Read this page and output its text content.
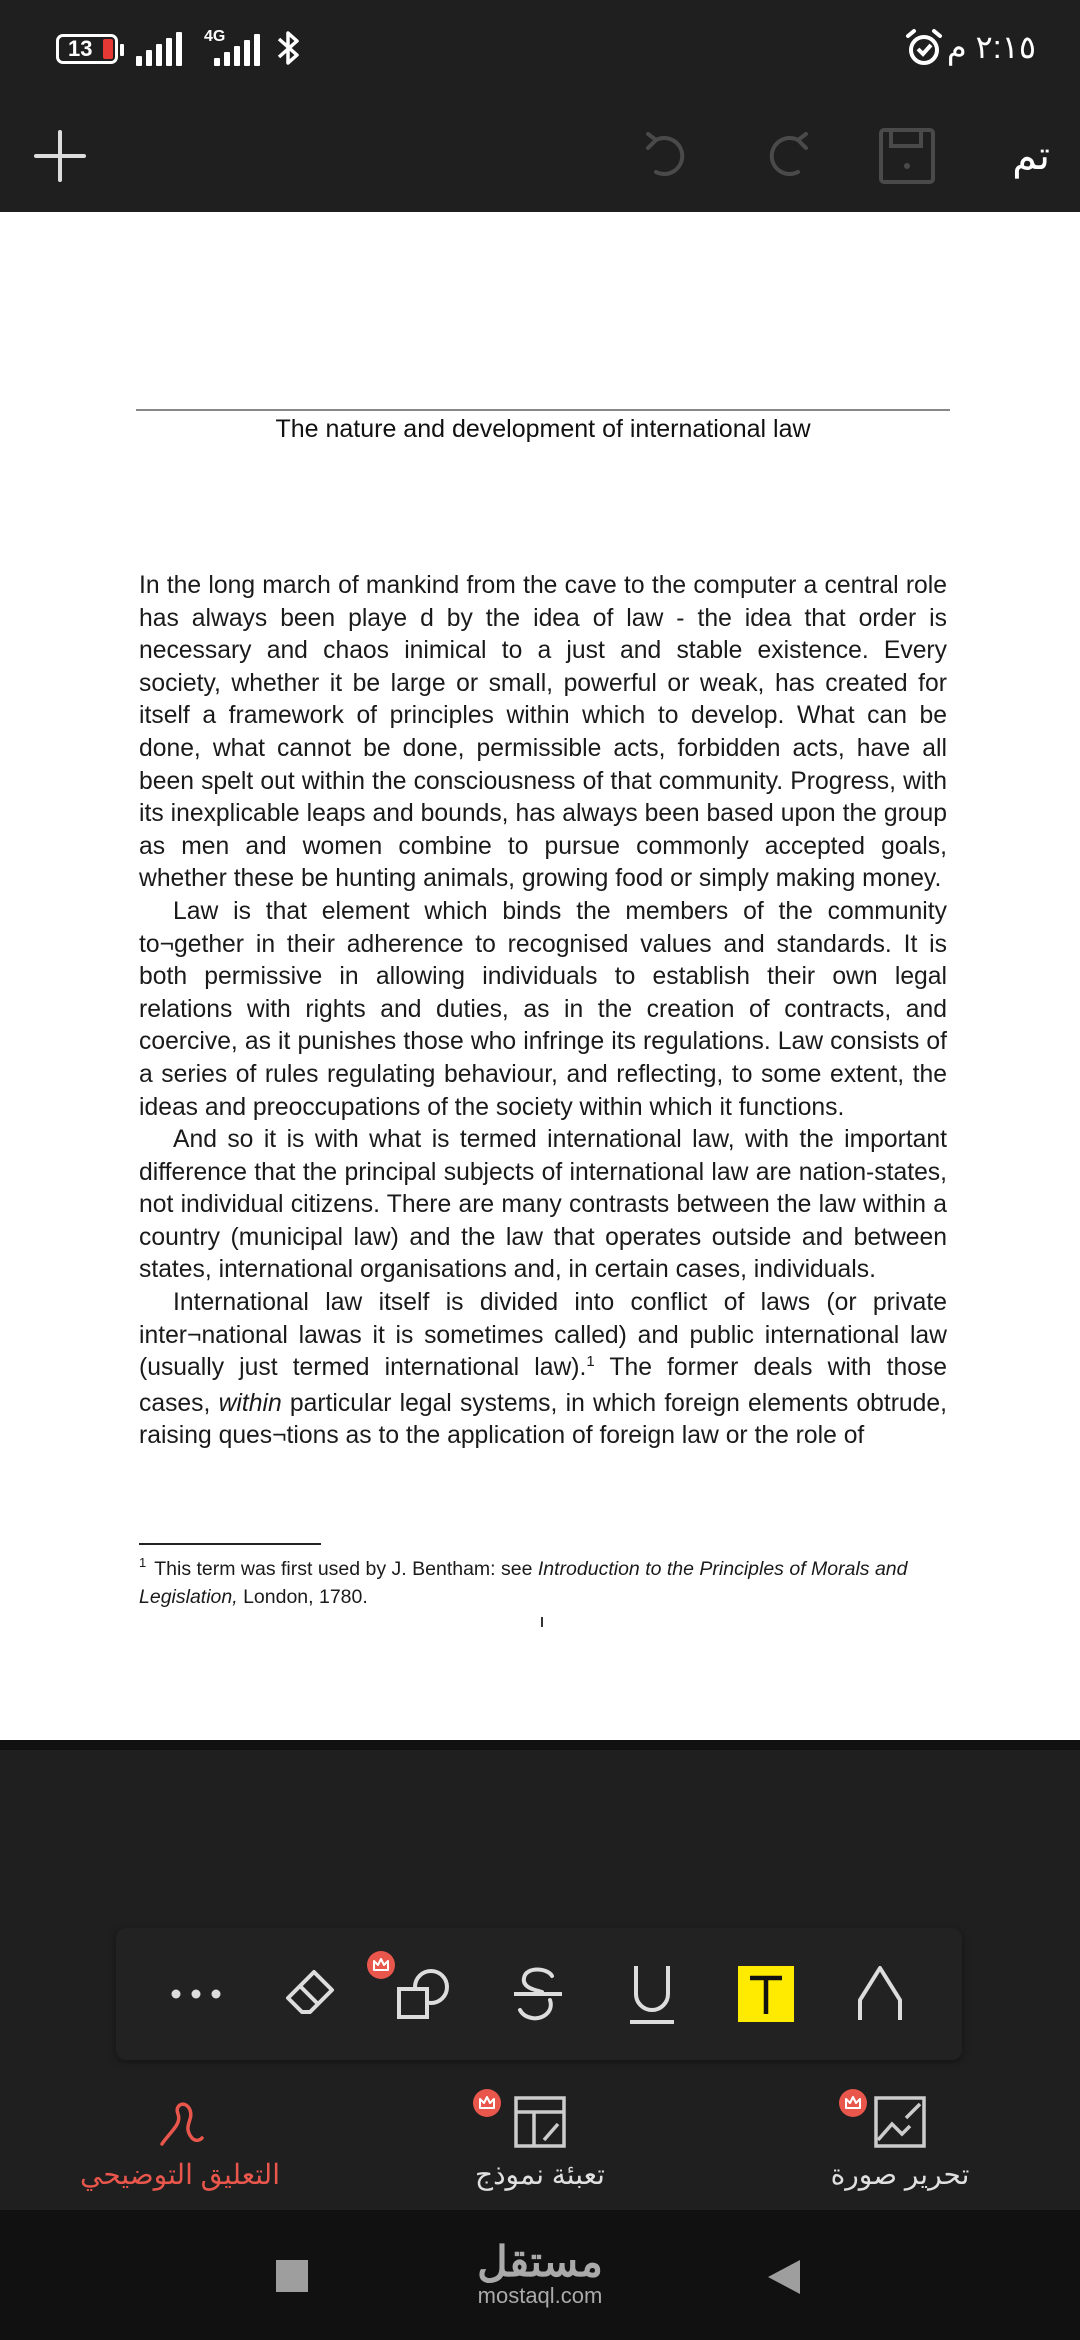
13	4G	٢:١٥ م
تم
The nature and development of international law

In the long march of mankind from the cave to the computer a central role has always been playe d by the idea of law - the idea that order is necessary and chaos inimical to a just and stable existence. Every society, whether it be large or small, powerful or weak, has created for itself a framework of principles within which to develop. What can be done, what cannot be done, permissible acts, forbidden acts, have all been spelt out within the consciousness of that community. Progress, with its inexplicable leaps and bounds, has always been based upon the group as men and women combine to pursue commonly accepted goals, whether these be hunting animals, growing food or simply making money.

Law is that element which binds the members of the community to¬gether in their adherence to recognised values and standards. It is both permissive in allowing individuals to establish their own legal relations with rights and duties, as in the creation of contracts, and coercive, as it punishes those who infringe its regulations. Law consists of a series of rules regulating behaviour, and reflecting, to some extent, the ideas and preoccupations of the society within which it functions.

And so it is with what is termed international law, with the important difference that the principal subjects of international law are nation-states, not individual citizens. There are many contrasts between the law within a country (municipal law) and the law that operates outside and between states, international organisations and, in certain cases, individuals.

International law itself is divided into conflict of laws (or private inter¬national lawas it is sometimes called) and public international law (usually just termed international law).$^1$ The former deals with those cases, within particular legal systems, in which foreign elements obtrude, raising ques¬tions as to the application of foreign law or the role of

$^1$ This term was first used by J. Bentham: see Introduction to the Principles of Morals and Legislation, London, 1780.
تحرير صورة
تعبئة نموذج
التعليق التوضيحي
مستقل
mostaql.com
